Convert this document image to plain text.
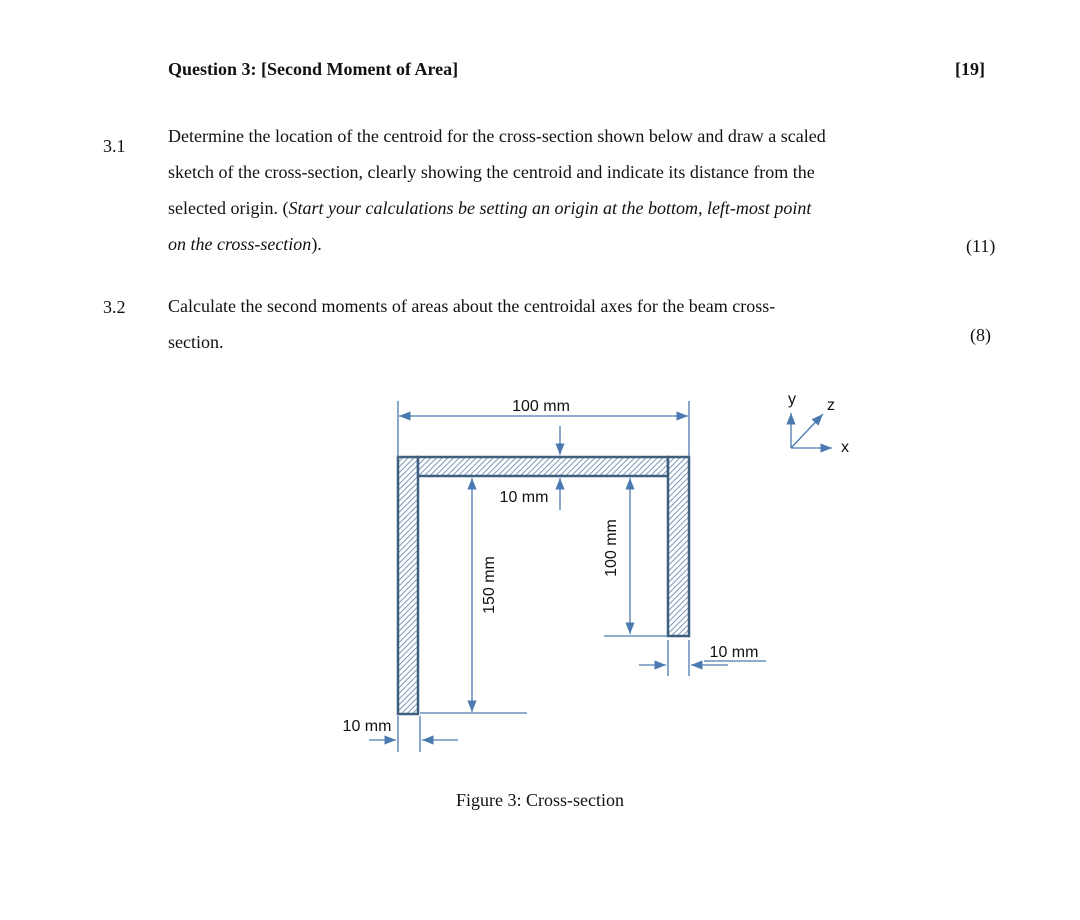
Question 3: [Second Moment of Area]	[19]
3.1 Determine the location of the centroid for the cross-section shown below and draw a scaled
sketch of the cross-section, clearly showing the centroid and indicate its distance from the
selected origin. (Start your calculations be setting an origin at the bottom, left-most point
on the cross-section).	(11)
3.2 Calculate the second moments of areas about the centroidal axes for the beam cross-
section.	(8)
100 mm
10 mm
150 mm
100 mm
10 mm
10 mm
y z
x
Figure 3: Cross-section
